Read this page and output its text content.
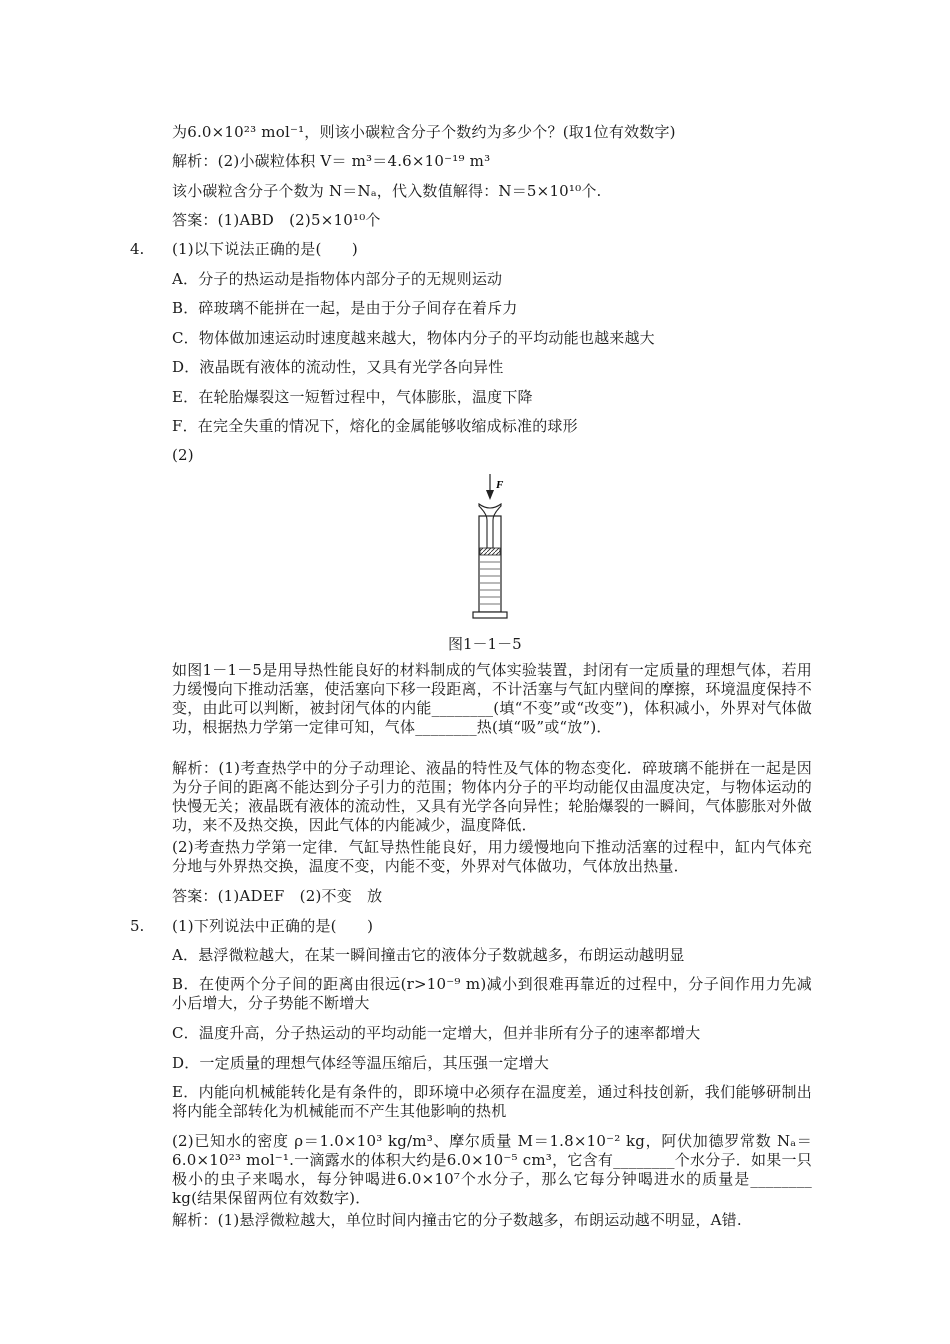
为6.0×10²³ mol⁻¹，则该小碳粒含分子个数约为多少个？(取1位有效数字)
解析：(2)小碳粒体积 V＝ m³＝4.6×10⁻¹⁹ m³
该小碳粒含分子个数为 N＝Nₐ，代入数值解得：N＝5×10¹⁰个.
答案：(1)ABD　(2)5×10¹⁰个
4. (1)以下说法正确的是(　　)
A．分子的热运动是指物体内部分子的无规则运动
B．碎玻璃不能拼在一起，是由于分子间存在着斥力
C．物体做加速运动时速度越来越大，物体内分子的平均动能也越来越大
D．液晶既有液体的流动性，又具有光学各向异性
E．在轮胎爆裂这一短暂过程中，气体膨胀，温度下降
F．在完全失重的情况下，熔化的金属能够收缩成标准的球形
(2)
F
图1－1－5
如图1－1－5是用导热性能良好的材料制成的气体实验装置，封闭有一定质量的理想气体，若用力缓慢向下推动活塞，使活塞向下移一段距离，不计活塞与气缸内壁间的摩擦，环境温度保持不变，由此可以判断，被封闭气体的内能________(填“不变”或“改变”)，体积减小，外界对气体做功，根据热力学第一定律可知，气体________热(填“吸”或“放”)．
解析：(1)考查热学中的分子动理论、液晶的特性及气体的物态变化．碎玻璃不能拼在一起是因为分子间的距离不能达到分子引力的范围；物体内分子的平均动能仅由温度决定，与物体运动的快慢无关；液晶既有液体的流动性，又具有光学各向异性；轮胎爆裂的一瞬间，气体膨胀对外做功，来不及热交换，因此气体的内能减少，温度降低．
(2)考查热力学第一定律．气缸导热性能良好，用力缓慢地向下推动活塞的过程中，缸内气体充分地与外界热交换，温度不变，内能不变，外界对气体做功，气体放出热量．
答案：(1)ADEF　(2)不变　放
5. (1)下列说法中正确的是(　　)
A．悬浮微粒越大，在某一瞬间撞击它的液体分子数就越多，布朗运动越明显
B．在使两个分子间的距离由很远(r>10⁻⁹ m)减小到很难再靠近的过程中，分子间作用力先减小后增大，分子势能不断增大
C．温度升高，分子热运动的平均动能一定增大，但并非所有分子的速率都增大
D．一定质量的理想气体经等温压缩后，其压强一定增大
E．内能向机械能转化是有条件的，即环境中必须存在温度差，通过科技创新，我们能够研制出将内能全部转化为机械能而不产生其他影响的热机
(2)已知水的密度 ρ＝1.0×10³ kg/m³、摩尔质量 M＝1.8×10⁻² kg，阿伏加德罗常数 Nₐ＝6.0×10²³ mol⁻¹.一滴露水的体积大约是6.0×10⁻⁵ cm³，它含有________个水分子．如果一只极小的虫子来喝水，每分钟喝进6.0×10⁷个水分子，那么它每分钟喝进水的质量是________ kg(结果保留两位有效数字)．
解析：(1)悬浮微粒越大，单位时间内撞击它的分子数越多，布朗运动越不明显，A错.
